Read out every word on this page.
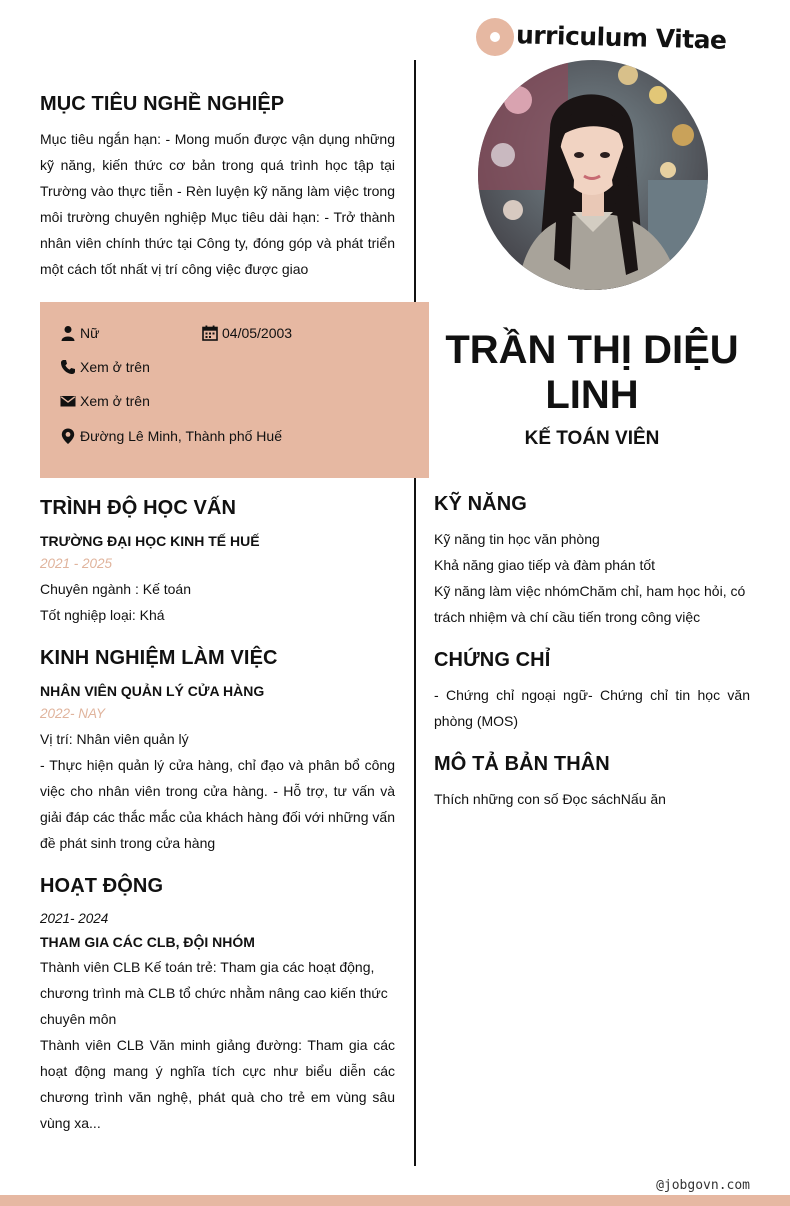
urriculum Vitae
MỤC TIÊU NGHỀ NGHIỆP
Mục tiêu ngắn hạn: - Mong muốn được vận dụng những kỹ năng, kiến thức cơ bản trong quá trình học tập tại Trường vào thực tiễn - Rèn luyện kỹ năng làm việc trong môi trường chuyên nghiệp Mục tiêu dài hạn: - Trở thành nhân viên chính thức tại Công ty, đóng góp và phát triển một cách tốt nhất vị trí công việc được giao
Nữ	04/05/2003
Xem ở trên
Xem ở trên
Đường Lê Minh, Thành phố Huế
TRẦN THỊ DIỆU LINH
KẾ TOÁN VIÊN
TRÌNH ĐỘ HỌC VẤN
TRƯỜNG ĐẠI HỌC KINH TẾ HUẾ
2021 - 2025
Chuyên ngành : Kế toán
Tốt nghiệp loại: Khá
KINH NGHIỆM LÀM VIỆC
NHÂN VIÊN QUẢN LÝ CỬA HÀNG
2022- NAY
Vị trí: Nhân viên quản lý
- Thực hiện quản lý cửa hàng, chỉ đạo và phân bổ công việc cho nhân viên trong cửa hàng. - Hỗ trợ, tư vấn và giải đáp các thắc mắc của khách hàng đối với những vấn đề phát sinh trong cửa hàng
HOẠT ĐỘNG
2021- 2024
THAM GIA CÁC CLB, ĐỘI NHÓM
Thành viên CLB Kế toán trẻ: Tham gia các hoạt động, chương trình mà CLB tổ chức nhằm nâng cao kiến thức chuyên môn
Thành viên CLB Văn minh giảng đường: Tham gia các hoạt động mang ý nghĩa tích cực như biểu diễn các chương trình văn nghệ, phát quà cho trẻ em vùng sâu vùng xa...
KỸ NĂNG
Kỹ năng tin học văn phòng
Khả năng giao tiếp và đàm phán tốt
Kỹ năng làm việc nhómChăm chỉ, ham học hỏi, có trách nhiệm và chí cầu tiến trong công việc
CHỨNG CHỈ
- Chứng chỉ ngoại ngữ- Chứng chỉ tin học văn phòng (MOS)
MÔ TẢ BẢN THÂN
Thích những con số Đọc sáchNấu ăn
@jobgovn.com
